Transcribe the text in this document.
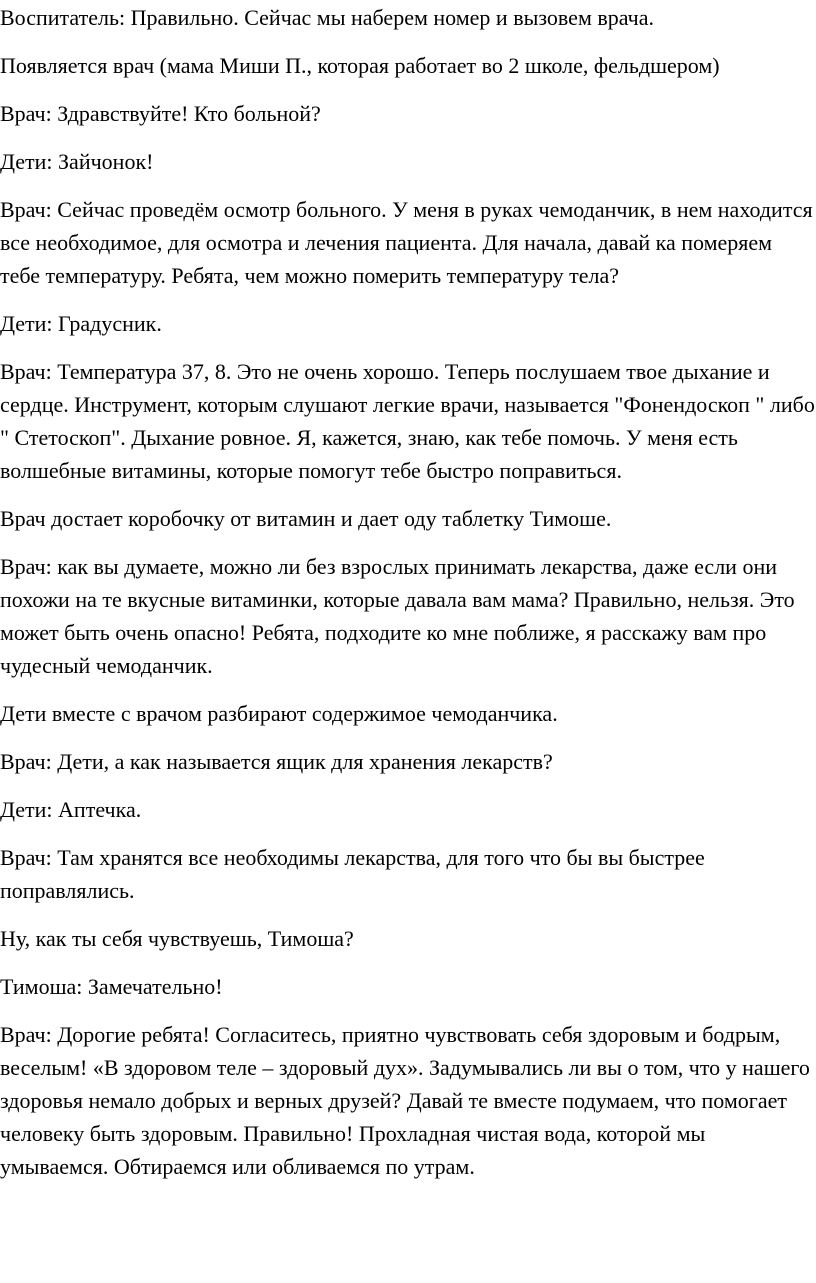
Воспитатель: Правильно. Сейчас мы наберем номер и вызовем врача.

Появляется врач (мама Миши П., которая работает во 2 школе, фельдшером)

Врач: Здравствуйте! Кто больной?

Дети: Зайчонок!

Врач: Сейчас проведём осмотр больного. У меня в руках чемоданчик, в нем находится все необходимое, для осмотра и лечения пациента. Для начала, давай ка померяем тебе температуру. Ребята, чем можно померить температуру тела?

Дети: Градусник.

Врач: Температура 37, 8. Это не очень хорошо. Теперь послушаем твое дыхание и сердце. Инструмент, которым слушают легкие врачи, называется "Фонендоскоп " либо " Стетоскоп". Дыхание ровное. Я, кажется, знаю, как тебе помочь. У меня есть волшебные витамины, которые помогут тебе быстро поправиться.

Врач достает коробочку от витамин и дает оду таблетку Тимоше.

Врач: как вы думаете, можно ли без взрослых принимать лекарства, даже если они похожи на те вкусные витаминки, которые давала вам мама? Правильно, нельзя. Это может быть очень опасно! Ребята, подходите ко мне поближе, я расскажу вам про чудесный чемоданчик.

Дети вместе с врачом разбирают содержимое чемоданчика.

Врач: Дети, а как называется ящик для хранения лекарств?

Дети: Аптечка.

Врач: Там хранятся все необходимы лекарства, для того что бы вы быстрее поправлялись.

Ну, как ты себя чувствуешь, Тимоша?

Тимоша: Замечательно!

Врач: Дорогие ребята! Согласитесь, приятно чувствовать себя здоровым и бодрым, веселым! «В здоровом теле – здоровый дух». Задумывались ли вы о том, что у нашего здоровья немало добрых и верных друзей? Давай те вместе подумаем, что помогает человеку быть здоровым. Правильно! Прохладная чистая вода, которой мы умываемся. Обтираемся или обливаемся по утрам.
